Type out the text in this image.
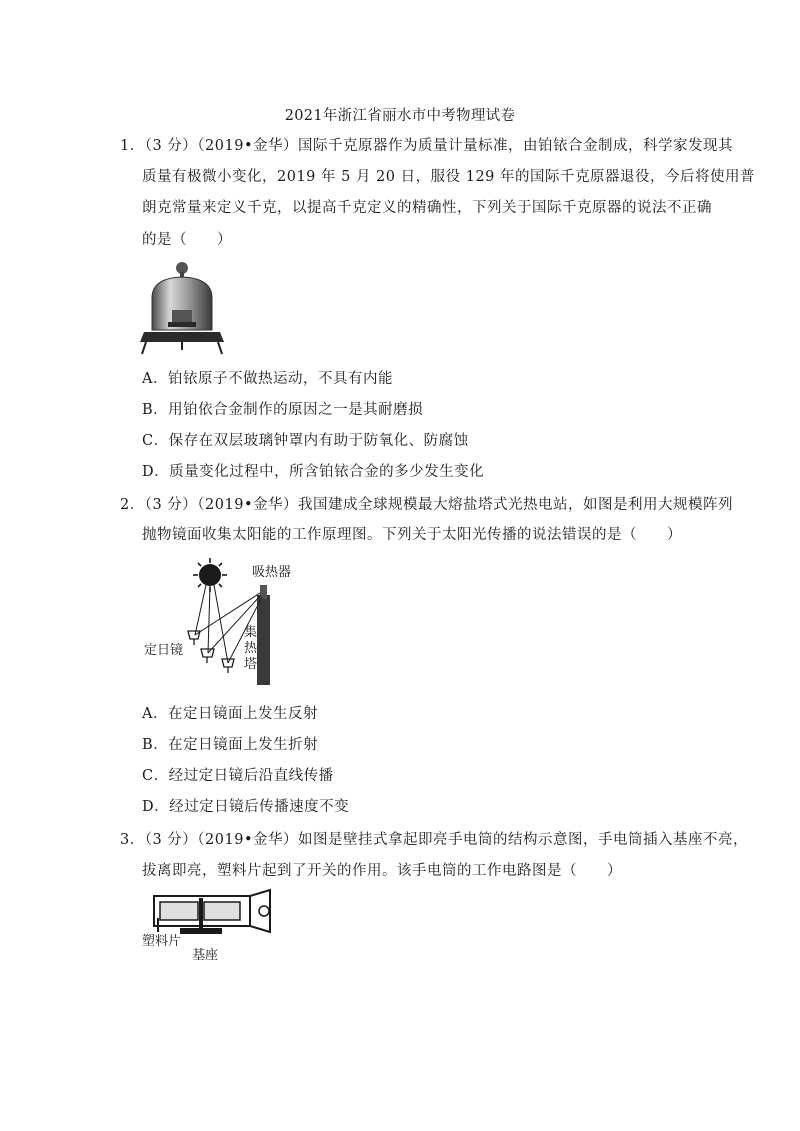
2021年浙江省丽水市中考物理试卷
1．（3 分）（2019•金华）国际千克原器作为质量计量标准，由铂铱合金制成，科学家发现其
质量有极微小变化，2019 年 5 月 20 日，服役 129 年的国际千克原器退役，今后将使用普
朗克常量来定义千克，以提高千克定义的精确性，下列关于国际千克原器的说法不正确
的是（　　）
A．铂铱原子不做热运动，不具有内能
B．用铂依合金制作的原因之一是其耐磨损
C．保存在双层玻璃钟罩内有助于防氧化、防腐蚀
D．质量变化过程中，所含铂铱合金的多少发生变化
2．（3 分）（2019•金华）我国建成全球规模最大熔盐塔式光热电站，如图是利用大规模阵列
抛物镜面收集太阳能的工作原理图。下列关于太阳光传播的说法错误的是（　　）
吸热器
定日镜
集
热
塔
A．在定日镜面上发生反射
B．在定日镜面上发生折射
C．经过定日镜后沿直线传播
D．经过定日镜后传播速度不变
3．（3 分）（2019•金华）如图是壁挂式拿起即亮手电筒的结构示意图，手电筒插入基座不亮，
拔离即亮，塑料片起到了开关的作用。该手电筒的工作电路图是（　　）
塑料片
基座
